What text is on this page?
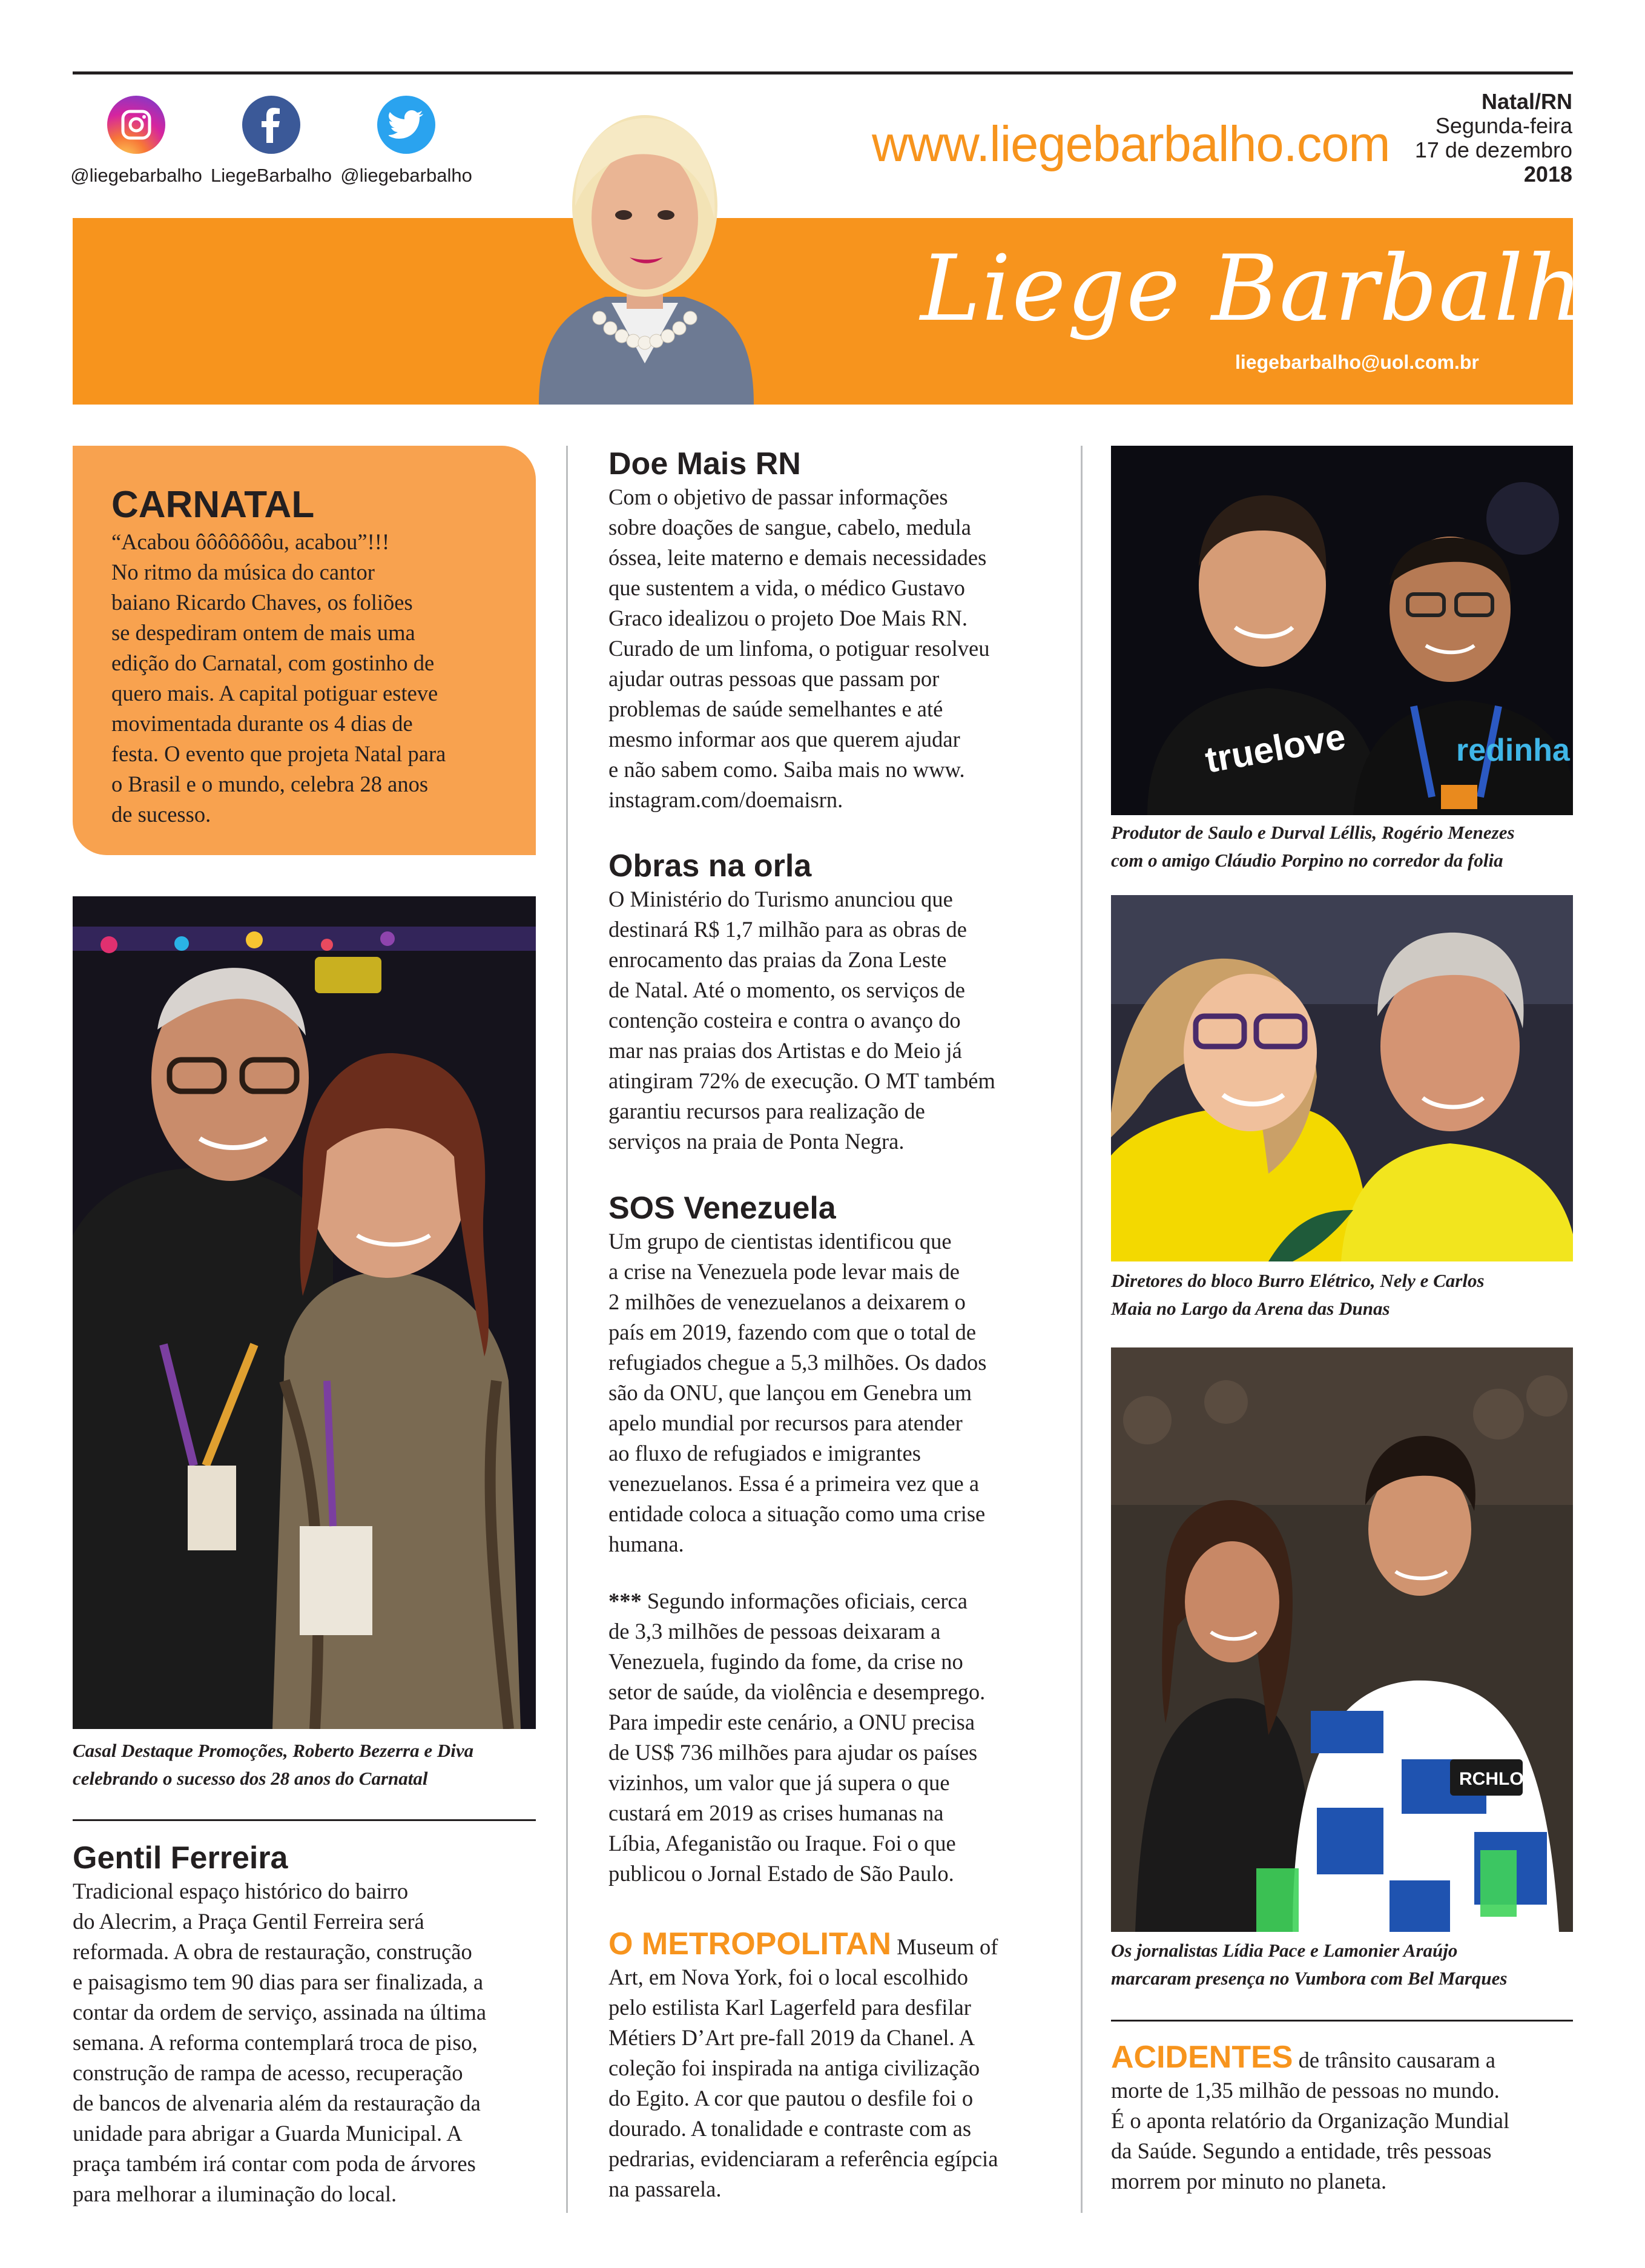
@liegebarbalho LiegeBarbalho @liegebarbalho
www.liegebarbalho.com
Natal/RN
Segunda-feira
17 de dezembro
2018
Liege Barbalho
liegebarbalho@uol.com.br
CARNATAL
“Acabou ôôôôôôôu, acabou”!!!
No ritmo da música do cantor
baiano Ricardo Chaves, os foliões
se despediram ontem de mais uma
edição do Carnatal, com gostinho de
quero mais. A capital potiguar esteve
movimentada durante os 4 dias de
festa. O evento que projeta Natal para
o Brasil e o mundo, celebra 28 anos
de sucesso.
Casal Destaque Promoções, Roberto Bezerra e Diva
celebrando o sucesso dos 28 anos do Carnatal
Gentil Ferreira
Tradicional espaço histórico do bairro
do Alecrim, a Praça Gentil Ferreira será
reformada. A obra de restauração, construção
e paisagismo tem 90 dias para ser finalizada, a
contar da ordem de serviço, assinada na última
semana. A reforma contemplará troca de piso,
construção de rampa de acesso, recuperação
de bancos de alvenaria além da restauração da
unidade para abrigar a Guarda Municipal. A
praça também irá contar com poda de árvores
para melhorar a iluminação do local.
Doe Mais RN
Com o objetivo de passar informações
sobre doações de sangue, cabelo, medula
óssea, leite materno e demais necessidades
que sustentem a vida, o médico Gustavo
Graco idealizou o projeto Doe Mais RN.
Curado de um linfoma, o potiguar resolveu
ajudar outras pessoas que passam por
problemas de saúde semelhantes e até
mesmo informar aos que querem ajudar
e não sabem como. Saiba mais no www.
instagram.com/doemaisrn.
Obras na orla
O Ministério do Turismo anunciou que
destinará R$ 1,7 milhão para as obras de
enrocamento das praias da Zona Leste
de Natal. Até o momento, os serviços de
contenção costeira e contra o avanço do
mar nas praias dos Artistas e do Meio já
atingiram 72% de execução. O MT também
garantiu recursos para realização de
serviços na praia de Ponta Negra.
SOS Venezuela
Um grupo de cientistas identificou que
a crise na Venezuela pode levar mais de
2 milhões de venezuelanos a deixarem o
país em 2019, fazendo com que o total de
refugiados chegue a 5,3 milhões. Os dados
são da ONU, que lançou em Genebra um
apelo mundial por recursos para atender
ao fluxo de refugiados e imigrantes
venezuelanos. Essa é a primeira vez que a
entidade coloca a situação como uma crise
humana.
*** Segundo informações oficiais, cerca
de 3,3 milhões de pessoas deixaram a
Venezuela, fugindo da fome, da crise no
setor de saúde, da violência e desemprego.
Para impedir este cenário, a ONU precisa
de US$ 736 milhões para ajudar os países
vizinhos, um valor que já supera o que
custará em 2019 as crises humanas na
Líbia, Afeganistão ou Iraque. Foi o que
publicou o Jornal Estado de São Paulo.
O METROPOLITAN Museum of
Art, em Nova York, foi o local escolhido
pelo estilista Karl Lagerfeld para desfilar
Métiers D’Art pre-fall 2019 da Chanel. A
coleção foi inspirada na antiga civilização
do Egito. A cor que pautou o desfile foi o
dourado. A tonalidade e contraste com as
pedrarias, evidenciaram a referência egípcia
na passarela.
truelove	redinha
Produtor de Saulo e Durval Léllis, Rogério Menezes
com o amigo Cláudio Porpino no corredor da folia
Diretores do bloco Burro Elétrico, Nely e Carlos
Maia no Largo da Arena das Dunas
RCHLO
Os jornalistas Lídia Pace e Lamonier Araújo
marcaram presença no Vumbora com Bel Marques
ACIDENTES de trânsito causaram a
morte de 1,35 milhão de pessoas no mundo.
É o aponta relatório da Organização Mundial
da Saúde. Segundo a entidade, três pessoas
morrem por minuto no planeta.
